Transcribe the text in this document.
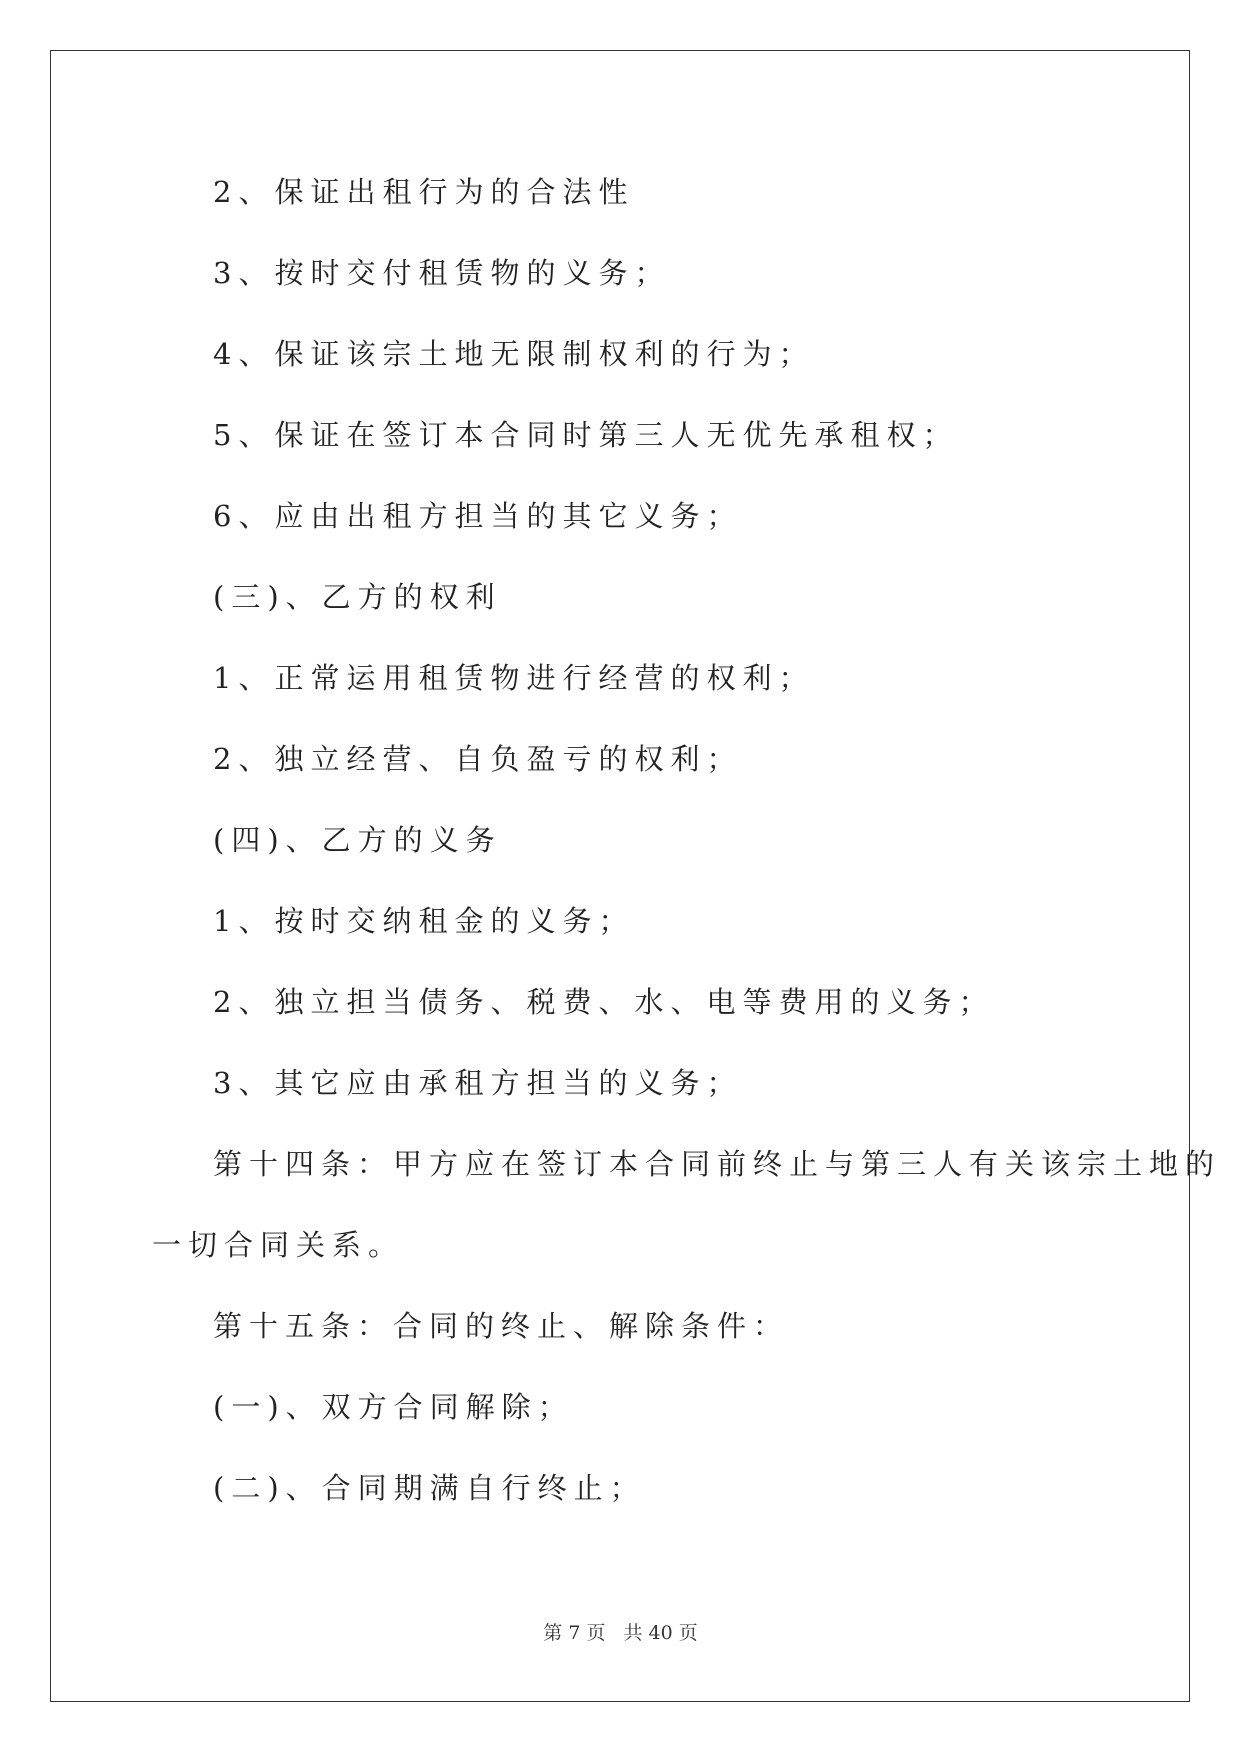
2、保证出租行为的合法性
3、按时交付租赁物的义务；
4、保证该宗土地无限制权利的行为；
5、保证在签订本合同时第三人无优先承租权；
6、应由出租方担当的其它义务；
(三)、乙方的权利
1、正常运用租赁物进行经营的权利；
2、独立经营、自负盈亏的权利；
(四)、乙方的义务
1、按时交纳租金的义务；
2、独立担当债务、税费、水、电等费用的义务；
3、其它应由承租方担当的义务；
第十四条：甲方应在签订本合同前终止与第三人有关该宗土地的
一切合同关系。
第十五条：合同的终止、解除条件：
(一)、双方合同解除；
(二)、合同期满自行终止；
第 7 页 共 40 页
